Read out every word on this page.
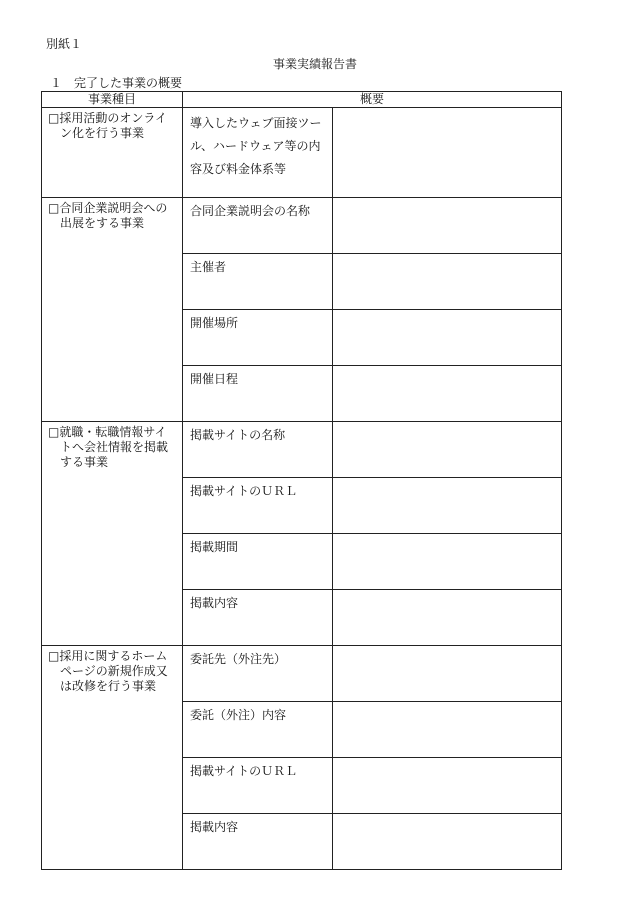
別紙１
事業実績報告書
１　完了した事業の概要
事業種目	概要	

□採用活動のオンライ
ン化を行う事業	導入したウェブ面接ツール、ハードウェア等の内容及び料金体系等	

□合同企業説明会への
出展をする事業	合同企業説明会の名称	
	主催者	
	開催場所	
	開催日程	

□就職・転職情報サイ
トへ会社情報を掲載する事業	掲載サイトの名称	
	掲載サイトのＵＲＬ	
	掲載期間	
	掲載内容	

□採用に関するホーム
ページの新規作成又は改修を行う事業	委託先（外注先）	
	委託（外注）内容	
	掲載サイトのＵＲＬ	
	掲載内容	
